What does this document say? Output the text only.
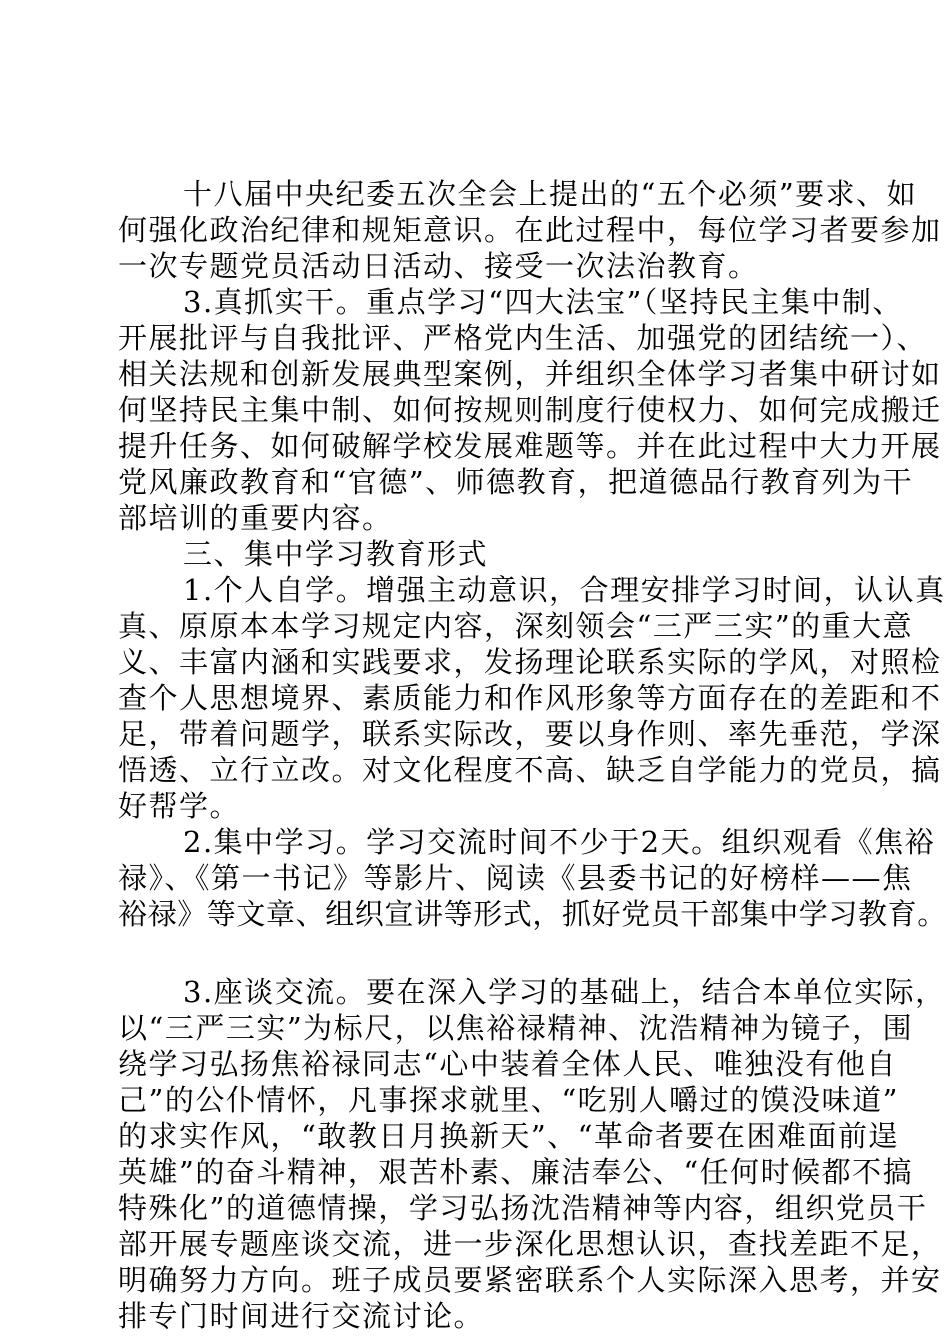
十八届中央纪委五次全会上提出的“五个必须”要求、如
何强化政治纪律和规矩意识。在此过程中，每位学习者要参加
一次专题党员活动日活动、接受一次法治教育。
3.真抓实干。重点学习“四大法宝”（坚持民主集中制、
开展批评与自我批评、严格党内生活、加强党的团结统一）、
相关法规和创新发展典型案例，并组织全体学习者集中研讨如
何坚持民主集中制、如何按规则制度行使权力、如何完成搬迁
提升任务、如何破解学校发展难题等。并在此过程中大力开展
党风廉政教育和“官德”、师德教育，把道德品行教育列为干
部培训的重要内容。
三、集中学习教育形式
1.个人自学。增强主动意识，合理安排学习时间，认认真
真、原原本本学习规定内容，深刻领会“三严三实”的重大意
义、丰富内涵和实践要求，发扬理论联系实际的学风，对照检
查个人思想境界、素质能力和作风形象等方面存在的差距和不
足，带着问题学，联系实际改，要以身作则、率先垂范，学深
悟透、立行立改。对文化程度不高、缺乏自学能力的党员，搞
好帮学。
2.集中学习。学习交流时间不少于2天。组织观看《焦裕
禄》、《第一书记》等影片、阅读《县委书记的好榜样——焦
裕禄》等文章、组织宣讲等形式，抓好党员干部集中学习教育。
3.座谈交流。要在深入学习的基础上，结合本单位实际，
以“三严三实”为标尺，以焦裕禄精神、沈浩精神为镜子，围
绕学习弘扬焦裕禄同志“心中装着全体人民、唯独没有他自
己”的公仆情怀，凡事探求就里、“吃别人嚼过的馍没味道”
的求实作风，“敢教日月换新天”、“革命者要在困难面前逞
英雄”的奋斗精神，艰苦朴素、廉洁奉公、“任何时候都不搞
特殊化”的道德情操，学习弘扬沈浩精神等内容，组织党员干
部开展专题座谈交流，进一步深化思想认识，查找差距不足，
明确努力方向。班子成员要紧密联系个人实际深入思考，并安
排专门时间进行交流讨论。
